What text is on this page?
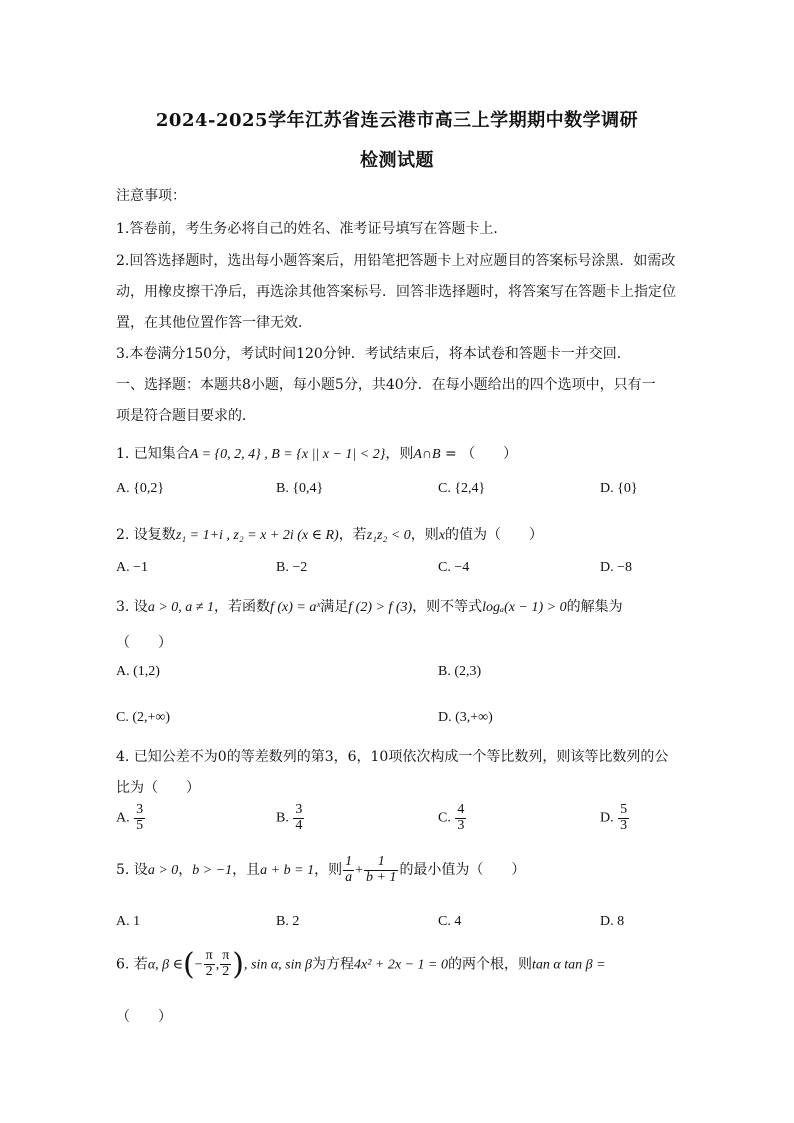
2024-2025学年江苏省连云港市高三上学期期中数学调研
检测试题
注意事项：
1.答卷前，考生务必将自己的姓名、准考证号填写在答题卡上．
2.回答选择题时，选出每小题答案后，用铅笔把答题卡上对应题目的答案标号涂黑．如需改
动，用橡皮擦干净后，再选涂其他答案标号．回答非选择题时，将答案写在答题卡上指定位
置，在其他位置作答一律无效．
3.本卷满分150分，考试时间120分钟．考试结束后，将本试卷和答题卡一并交回．
一、选择题：本题共8小题，每小题5分，共40分．在每小题给出的四个选项中，只有一
项是符合题目要求的．
1. 已知集合A = {0, 2, 4} , B = {x || x − 1| < 2}，则A∩B = （　　）
A. {0,2}	B. {0,4}	C. {2,4}	D. {0}
2. 设复数z₁ = 1+i , z₂ = x + 2i (x ∈ R)，若z₁z₂ < 0，则x的值为（　　）
A. −1	B. −2	C. −4	D. −8
3. 设a > 0, a ≠ 1，若函数f (x) = aˣ满足f (2) > f (3)，则不等式logₐ(x − 1) > 0的解集为
（　　）
A. (1,2)	B. (2,3)
C. (2,+∞)	D. (3,+∞)
4. 已知公差不为0的等差数列的第3，6，10项依次构成一个等比数列，则该等比数列的公
比为（　　）
A. $\frac{3}{5}$	B. $\frac{3}{4}$	C. $\frac{4}{3}$	D. $\frac{5}{3}$
5. 设a > 0，b > −1，且a + b = 1，则 $\frac{1}{a} + \frac{1}{b + 1}$ 的最小值为（　　）
A. 1	B. 2	C. 4	D. 8
6. 若α, β ∈(− $\frac{\pi}{2}$ , $\frac{\pi}{2}$ ), sin α, sin β为方程4x² + 2x − 1 = 0的两个根，则tan α tan β =
（　　）
